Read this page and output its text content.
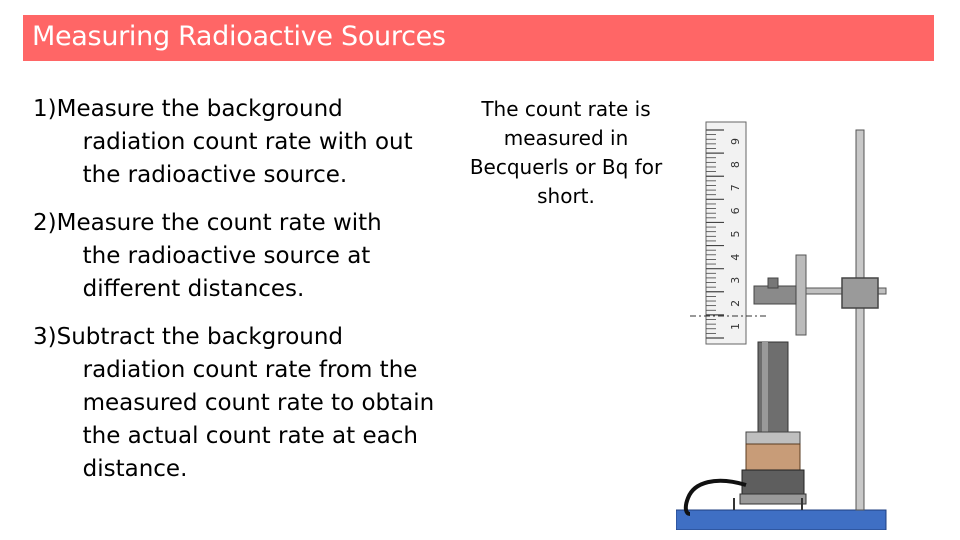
Measuring Radioactive Sources
1) Measure the background
radiation count rate with out the radioactive source.
2) Measure the count rate with
the radioactive source at different distances.
3) Subtract the background
radiation count rate from the measured count rate to obtain the actual count rate at each distance.
The count rate is measured in Becquerls or Bq for short.
9
8
7
6
5
4
3
2
1
